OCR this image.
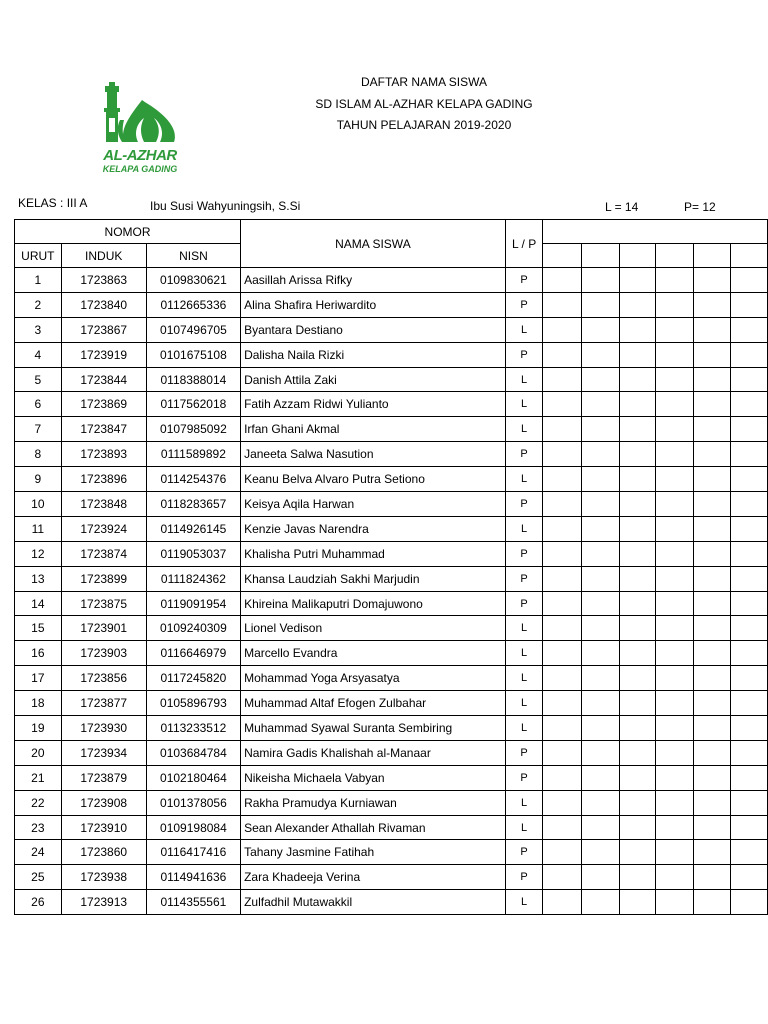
AL-AZHAR
KELAPA GADING
DAFTAR NAMA SISWA
SD ISLAM AL-AZHAR KELAPA GADING
TAHUN PELAJARAN 2019-2020
KELAS : III A	Ibu Susi Wahyuningsih, S.Si	L = 14	P= 12
NOMOR			NAMA SISWA	L / P						
URUT	INDUK	NISN								
1	1723863	0109830621	Aasillah Arissa Rifky	P						
2	1723840	0112665336	Alina Shafira Heriwardito	P						
3	1723867	0107496705	Byantara Destiano	L						
4	1723919	0101675108	Dalisha Naila Rizki	P						
5	1723844	0118388014	Danish Attila Zaki	L						
6	1723869	0117562018	Fatih Azzam Ridwi Yulianto	L						
7	1723847	0107985092	Irfan Ghani Akmal	L						
8	1723893	0111589892	Janeeta Salwa Nasution	P						
9	1723896	0114254376	Keanu Belva Alvaro Putra Setiono	L						
10	1723848	0118283657	Keisya Aqila Harwan	P						
11	1723924	0114926145	Kenzie Javas Narendra	L						
12	1723874	0119053037	Khalisha Putri Muhammad	P						
13	1723899	0111824362	Khansa Laudziah Sakhi Marjudin	P						
14	1723875	0119091954	Khireina Malikaputri Domajuwono	P						
15	1723901	0109240309	Lionel Vedison	L						
16	1723903	0116646979	Marcello Evandra	L						
17	1723856	0117245820	Mohammad Yoga Arsyasatya	L						
18	1723877	0105896793	Muhammad Altaf Efogen Zulbahar	L						
19	1723930	0113233512	Muhammad Syawal Suranta Sembiring	L						
20	1723934	0103684784	Namira Gadis Khalishah al-Manaar	P						
21	1723879	0102180464	Nikeisha Michaela Vabyan	P						
22	1723908	0101378056	Rakha Pramudya Kurniawan	L						
23	1723910	0109198084	Sean Alexander Athallah Rivaman	L						
24	1723860	0116417416	Tahany Jasmine Fatihah	P						
25	1723938	0114941636	Zara Khadeeja Verina	P						
26	1723913	0114355561	Zulfadhil Mutawakkil	L						
